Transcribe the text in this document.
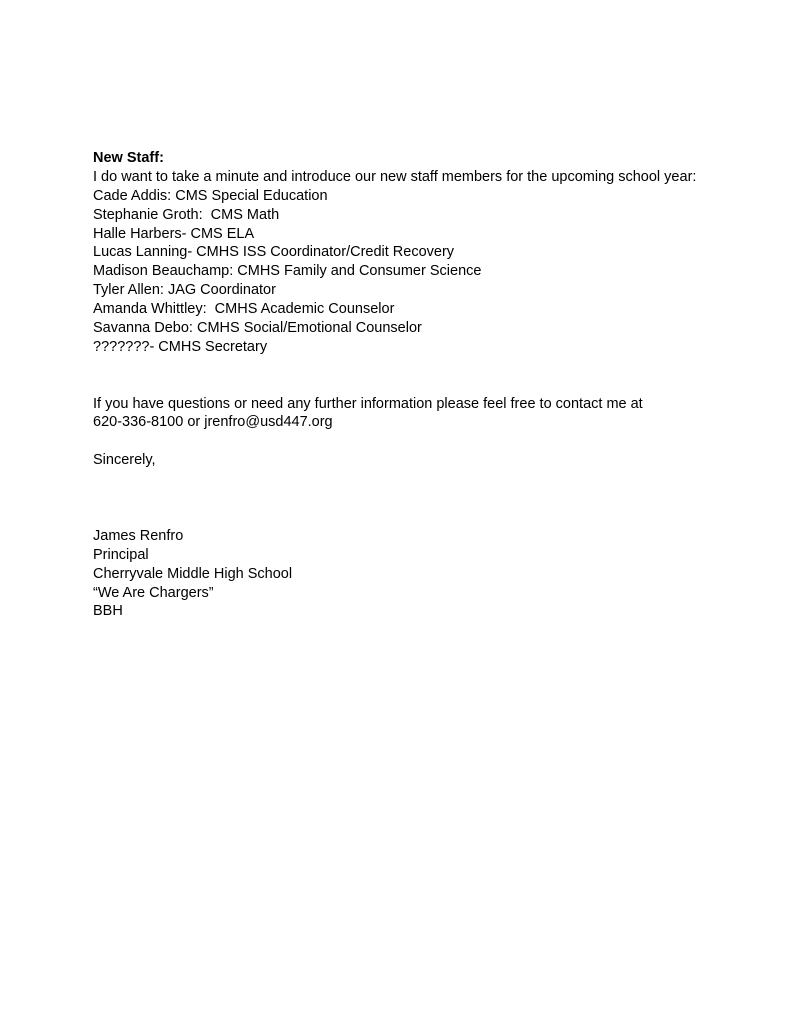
New Staff:
I do want to take a minute and introduce our new staff members for the upcoming school year:
Cade Addis: CMS Special Education
Stephanie Groth:  CMS Math
Halle Harbers- CMS ELA
Lucas Lanning- CMHS ISS Coordinator/Credit Recovery
Madison Beauchamp: CMHS Family and Consumer Science
Tyler Allen: JAG Coordinator
Amanda Whittley:  CMHS Academic Counselor
Savanna Debo: CMHS Social/Emotional Counselor
???????- CMHS Secretary
If you have questions or need any further information please feel free to contact me at
620-336-8100 or jrenfro@usd447.org
Sincerely,
James Renfro
Principal
Cherryvale Middle High School
“We Are Chargers”
BBH
